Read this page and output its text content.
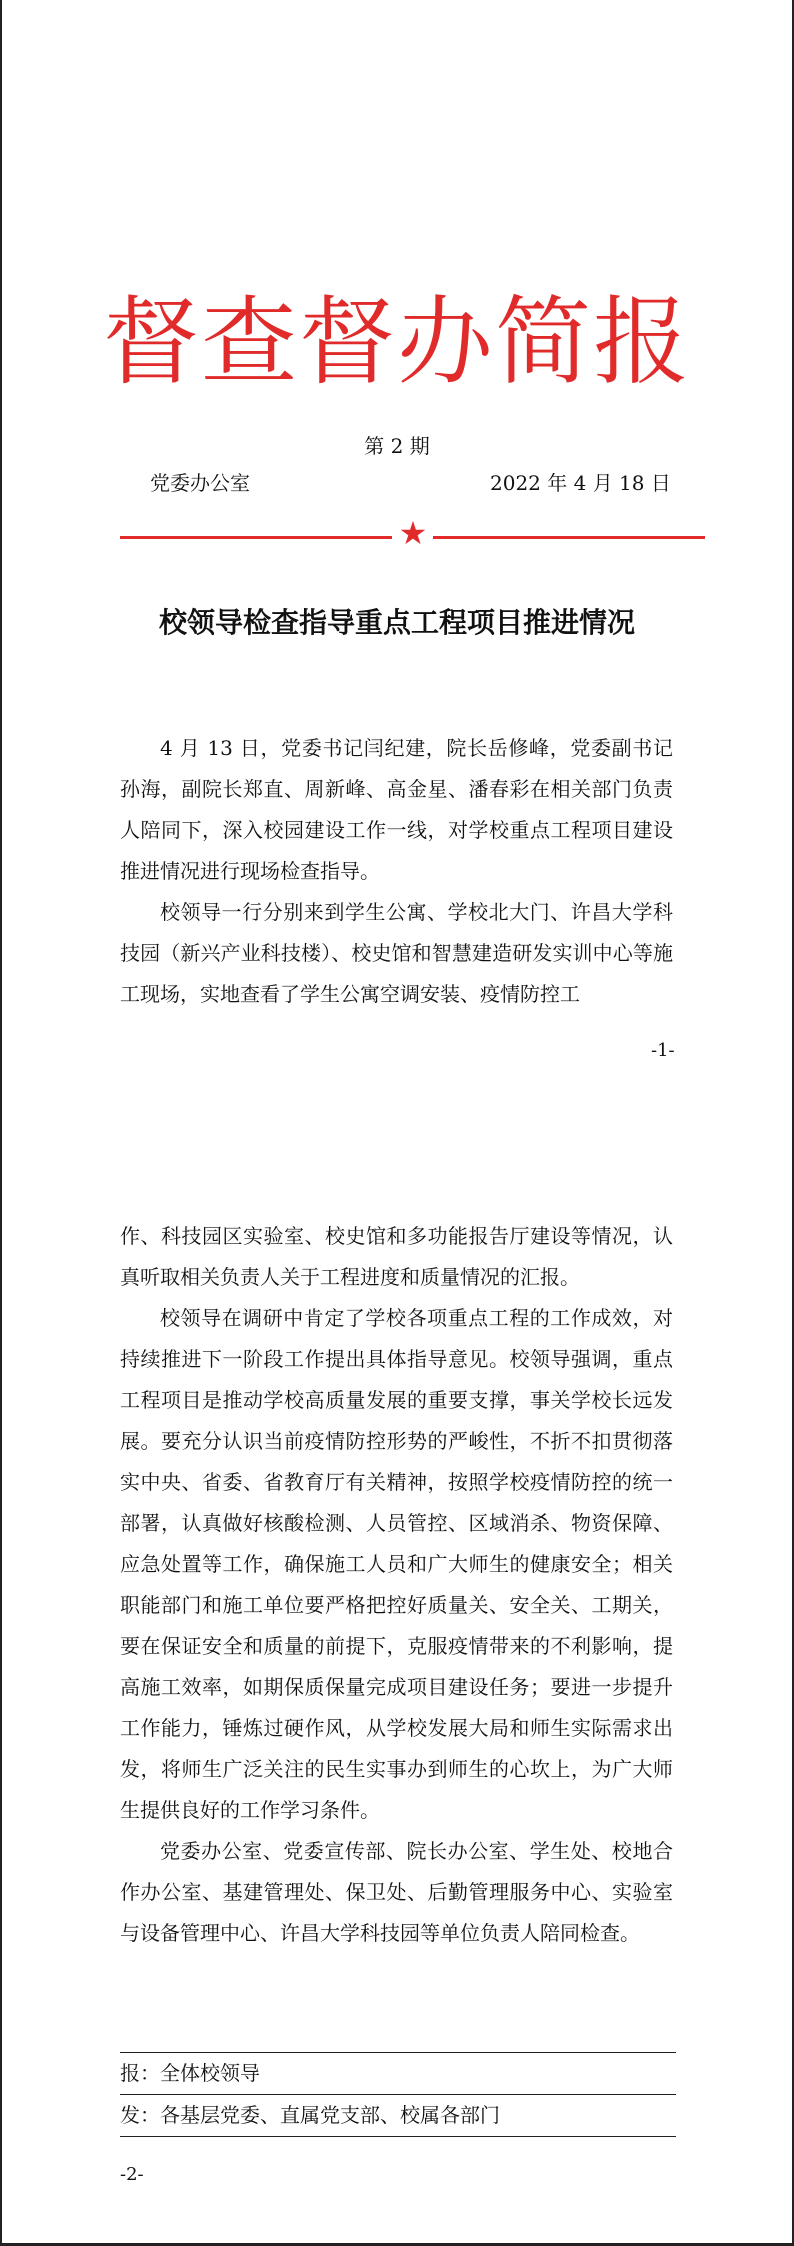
督查督办简报
第 2 期
党委办公室	2022 年 4 月 18 日
★
校领导检查指导重点工程项目推进情况

4 月 13 日，党委书记闫纪建，院长岳修峰，党委副书记孙海，副院长郑直、周新峰、高金星、潘春彩在相关部门负责人陪同下，深入校园建设工作一线，对学校重点工程项目建设推进情况进行现场检查指导。

校领导一行分别来到学生公寓、学校北大门、许昌大学科技园（新兴产业科技楼）、校史馆和智慧建造研发实训中心等施工现场，实地查看了学生公寓空调安装、疫情防控工

-1-

作、科技园区实验室、校史馆和多功能报告厅建设等情况，认真听取相关负责人关于工程进度和质量情况的汇报。

校领导在调研中肯定了学校各项重点工程的工作成效，对持续推进下一阶段工作提出具体指导意见。校领导强调，重点工程项目是推动学校高质量发展的重要支撑，事关学校长远发展。要充分认识当前疫情防控形势的严峻性，不折不扣贯彻落实中央、省委、省教育厅有关精神，按照学校疫情防控的统一部署，认真做好核酸检测、人员管控、区域消杀、物资保障、应急处置等工作，确保施工人员和广大师生的健康安全；相关职能部门和施工单位要严格把控好质量关、安全关、工期关，要在保证安全和质量的前提下，克服疫情带来的不利影响，提高施工效率，如期保质保量完成项目建设任务；要进一步提升工作能力，锤炼过硬作风，从学校发展大局和师生实际需求出发，将师生广泛关注的民生实事办到师生的心坎上，为广大师生提供良好的工作学习条件。

党委办公室、党委宣传部、院长办公室、学生处、校地合作办公室、基建管理处、保卫处、后勤管理服务中心、实验室与设备管理中心、许昌大学科技园等单位负责人陪同检查。

报：全体校领导
发：各基层党委、直属党支部、校属各部门
-2-
